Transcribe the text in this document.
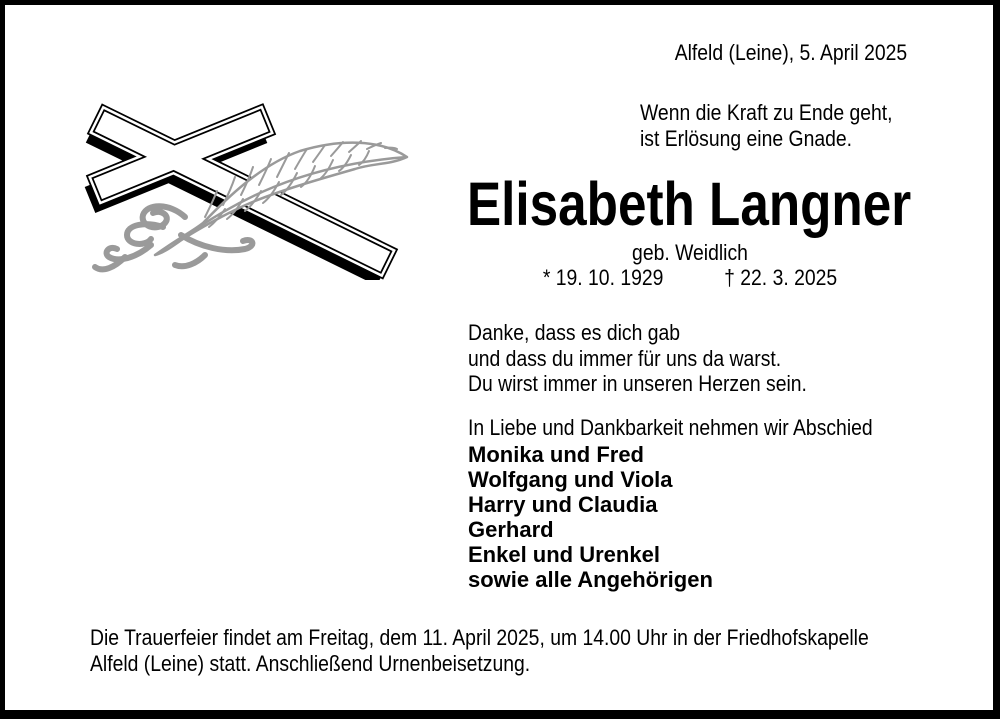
Alfeld (Leine), 5. April 2025
Wenn die Kraft zu Ende geht,
ist Erlösung eine Gnade.
Elisabeth Langner
geb. Weidlich
* 19. 10. 1929	† 22. 3. 2025
Danke, dass es dich gab
und dass du immer für uns da warst.
Du wirst immer in unseren Herzen sein.
In Liebe und Dankbarkeit nehmen wir Abschied
Monika und Fred
Wolfgang und Viola
Harry und Claudia
Gerhard
Enkel und Urenkel
sowie alle Angehörigen
Die Trauerfeier findet am Freitag, dem 11. April 2025, um 14.00 Uhr in der Friedhofskapelle
Alfeld (Leine) statt. Anschließend Urnenbeisetzung.
